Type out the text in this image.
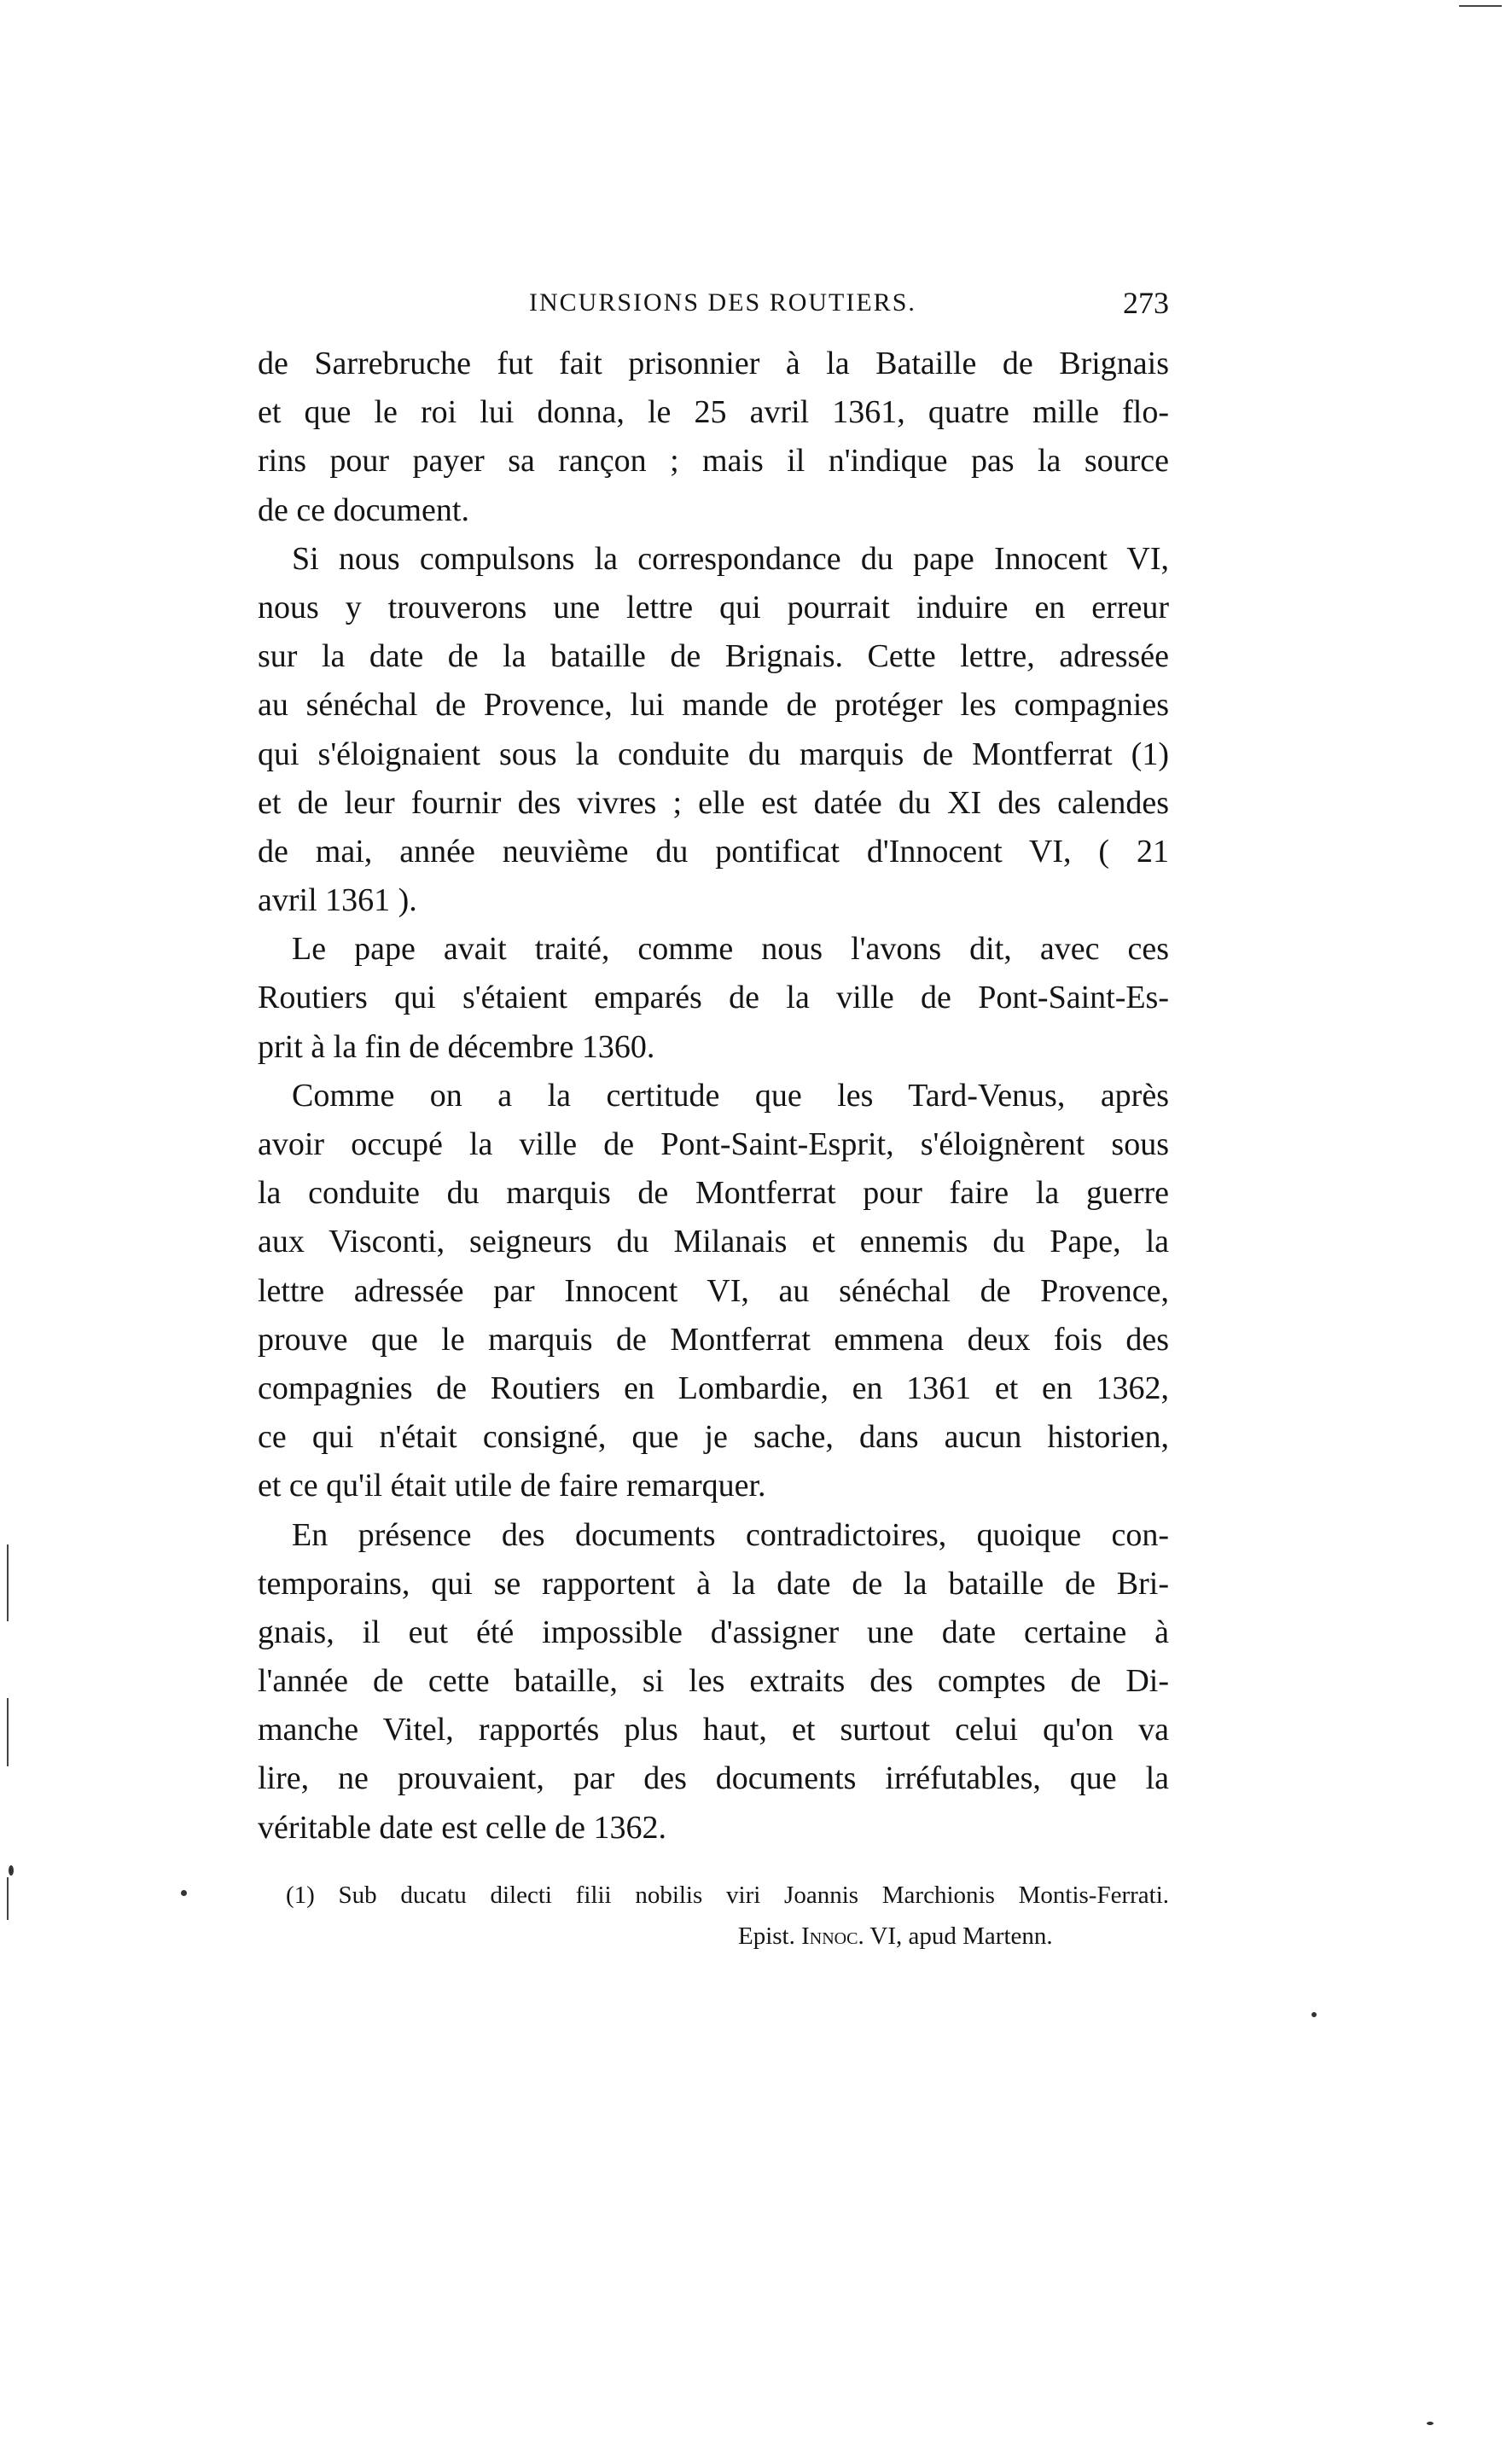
INCURSIONS DES ROUTIERS.	273
de Sarrebruche fut fait prisonnier à la Bataille de Brignais
et que le roi lui donna, le 25 avril 1361, quatre mille flo-
rins pour payer sa rançon ; mais il n'indique pas la source
de ce document.
Si nous compulsons la correspondance du pape Innocent VI,
nous y trouverons une lettre qui pourrait induire en erreur
sur la date de la bataille de Brignais. Cette lettre, adressée
au sénéchal de Provence, lui mande de protéger les compagnies
qui s'éloignaient sous la conduite du marquis de Montferrat (1)
et de leur fournir des vivres ; elle est datée du XI des calendes
de mai, année neuvième du pontificat d'Innocent VI, ( 21
avril 1361 ).
Le pape avait traité, comme nous l'avons dit, avec ces
Routiers qui s'étaient emparés de la ville de Pont-Saint-Es-
prit à la fin de décembre 1360.
Comme on a la certitude que les Tard-Venus, après
avoir occupé la ville de Pont-Saint-Esprit, s'éloignèrent sous
la conduite du marquis de Montferrat pour faire la guerre
aux Visconti, seigneurs du Milanais et ennemis du Pape, la
lettre adressée par Innocent VI, au sénéchal de Provence,
prouve que le marquis de Montferrat emmena deux fois des
compagnies de Routiers en Lombardie, en 1361 et en 1362,
ce qui n'était consigné, que je sache, dans aucun historien,
et ce qu'il était utile de faire remarquer.
En présence des documents contradictoires, quoique con-
temporains, qui se rapportent à la date de la bataille de Bri-
gnais, il eut été impossible d'assigner une date certaine à
l'année de cette bataille, si les extraits des comptes de Di-
manche Vitel, rapportés plus haut, et surtout celui qu'on va
lire, ne prouvaient, par des documents irréfutables, que la
véritable date est celle de 1362.
(1) Sub ducatu dilecti filii nobilis viri Joannis Marchionis Montis-Ferrati.
Epist. Innoc. VI, apud Martenn.
